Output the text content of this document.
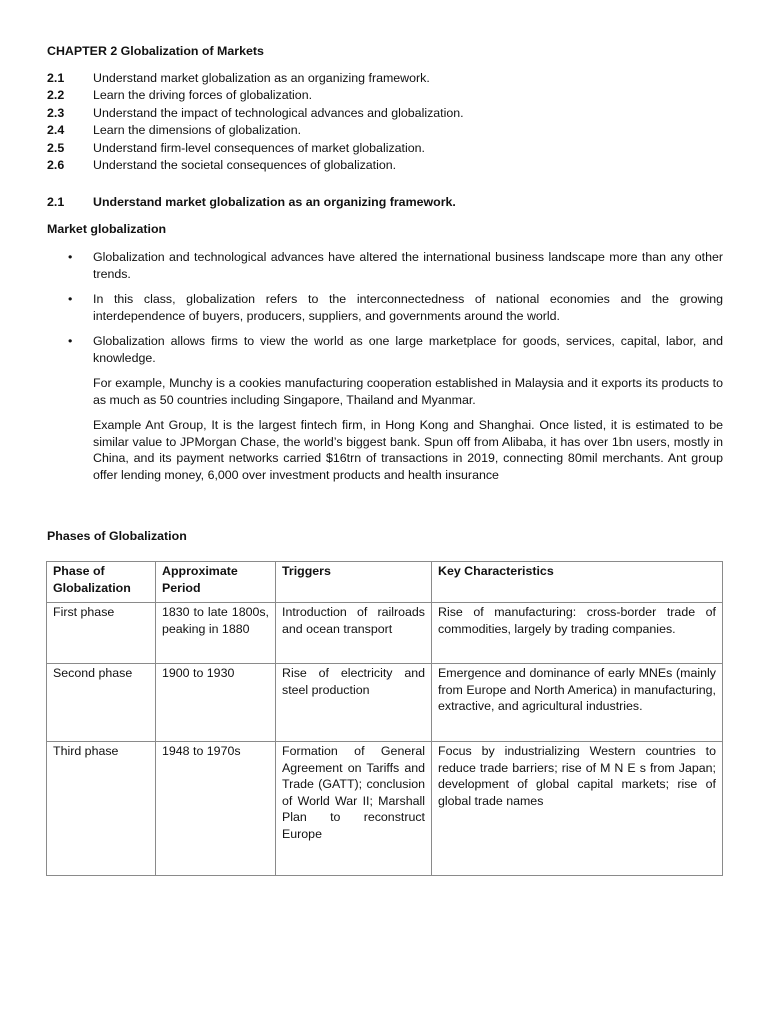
CHAPTER 2 Globalization of Markets
2.1	Understand market globalization as an organizing framework.
2.2	Learn the driving forces of globalization.
2.3	Understand the impact of technological advances and globalization.
2.4	Learn the dimensions of globalization.
2.5	Understand firm-level consequences of market globalization.
2.6	Understand the societal consequences of globalization.
2.1	Understand market globalization as an organizing framework.
Market globalization
•	Globalization and technological advances have altered the international business landscape more than any other trends.
•	In this class, globalization refers to the interconnectedness of national economies and the growing interdependence of buyers, producers, suppliers, and governments around the world.
•	Globalization allows firms to view the world as one large marketplace for goods, services, capital, labor, and knowledge.
For example, Munchy is a cookies manufacturing cooperation established in Malaysia and it exports its products to as much as 50 countries including Singapore, Thailand and Myanmar.
Example Ant Group, It is the largest fintech firm, in Hong Kong and Shanghai. Once listed, it is estimated to be similar value to JPMorgan Chase, the world’s biggest bank. Spun off from Alibaba, it has over 1bn users, mostly in China, and its payment networks carried $16trn of transactions in 2019, connecting 80mil merchants. Ant group offer lending money, 6,000 over investment products and health insurance
Phases of Globalization
Phase of Globalization	Approximate Period	Triggers	Key Characteristics
First phase	1830 to late 1800s, peaking in 1880	Introduction of railroads and ocean transport	Rise of manufacturing: cross-border trade of commodities, largely by trading companies.
Second phase	1900 to 1930	Rise of electricity and steel production	Emergence and dominance of early MNEs (mainly from Europe and North America) in manufacturing, extractive, and agricultural industries.
Third phase	1948 to 1970s	Formation of General Agreement on Tariffs and Trade (GATT); conclusion of World War II; Marshall Plan to reconstruct Europe	Focus by industrializing Western countries to reduce trade barriers; rise of M N E s from Japan; development of global capital markets; rise of global trade names
